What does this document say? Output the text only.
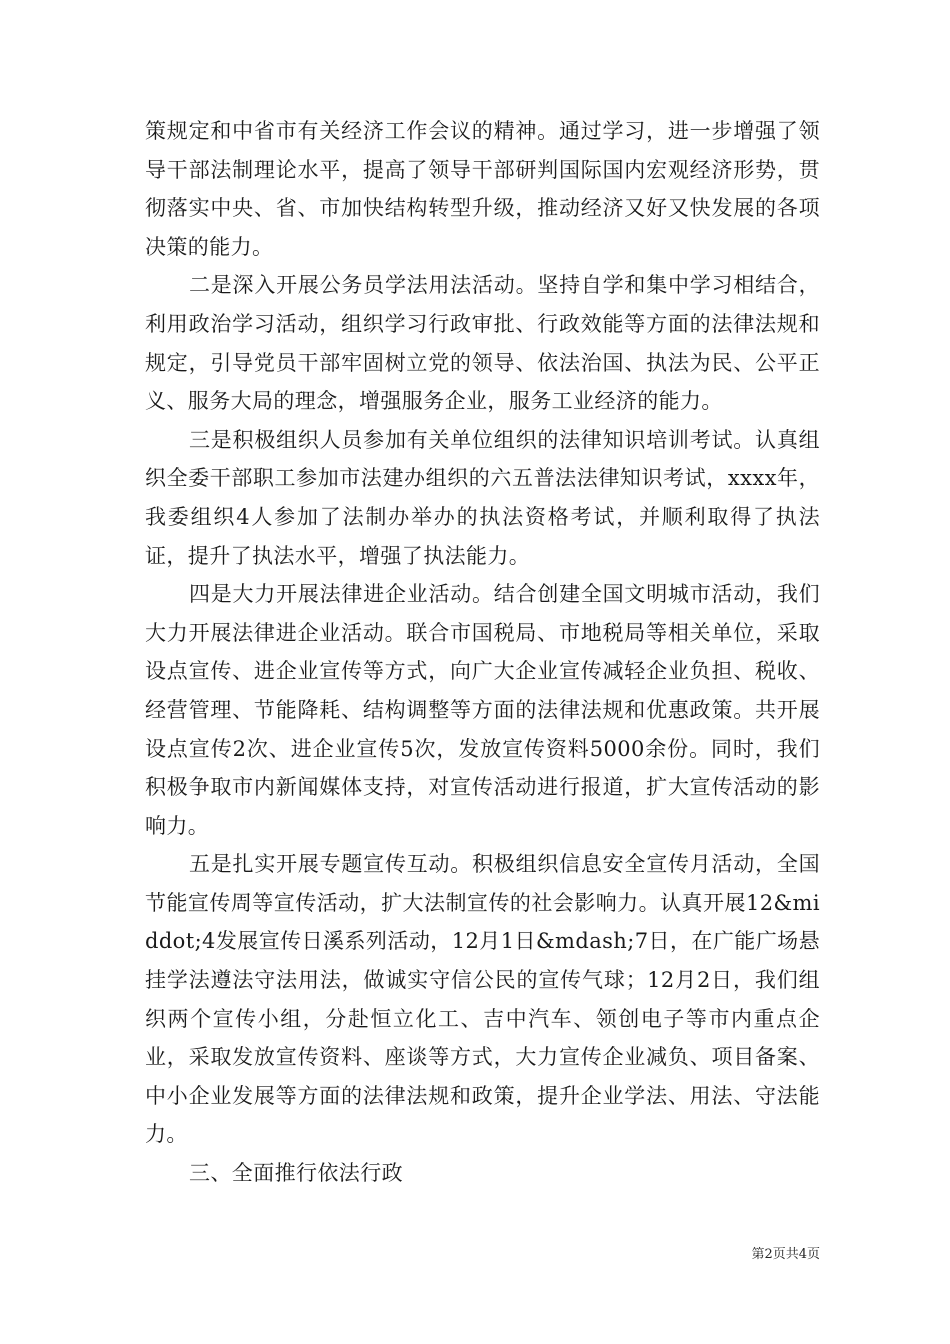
策规定和中省市有关经济工作会议的精神。通过学习，进一步增强了领导干部法制理论水平，提高了领导干部研判国际国内宏观经济形势，贯彻落实中央、省、市加快结构转型升级，推动经济又好又快发展的各项决策的能力。

二是深入开展公务员学法用法活动。坚持自学和集中学习相结合，利用政治学习活动，组织学习行政审批、行政效能等方面的法律法规和规定，引导党员干部牢固树立党的领导、依法治国、执法为民、公平正义、服务大局的理念，增强服务企业，服务工业经济的能力。

三是积极组织人员参加有关单位组织的法律知识培训考试。认真组织全委干部职工参加市法建办组织的六五普法法律知识考试，xxxx年，我委组织4人参加了法制办举办的执法资格考试，并顺利取得了执法证，提升了执法水平，增强了执法能力。

四是大力开展法律进企业活动。结合创建全国文明城市活动，我们大力开展法律进企业活动。联合市国税局、市地税局等相关单位，采取设点宣传、进企业宣传等方式，向广大企业宣传减轻企业负担、税收、经营管理、节能降耗、结构调整等方面的法律法规和优惠政策。共开展设点宣传2次、进企业宣传5次，发放宣传资料5000余份。同时，我们积极争取市内新闻媒体支持，对宣传活动进行报道，扩大宣传活动的影响力。

五是扎实开展专题宣传互动。积极组织信息安全宣传月活动，全国节能宣传周等宣传活动，扩大法制宣传的社会影响力。认真开展12&middot;4发展宣传日溪系列活动，12月1日&mdash;7日，在广能广场悬挂学法遵法守法用法，做诚实守信公民的宣传气球；12月2日，我们组织两个宣传小组，分赴恒立化工、吉中汽车、领创电子等市内重点企业，采取发放宣传资料、座谈等方式，大力宣传企业减负、项目备案、中小企业发展等方面的法律法规和政策，提升企业学法、用法、守法能力。

三、全面推行依法行政

第2页共4页
